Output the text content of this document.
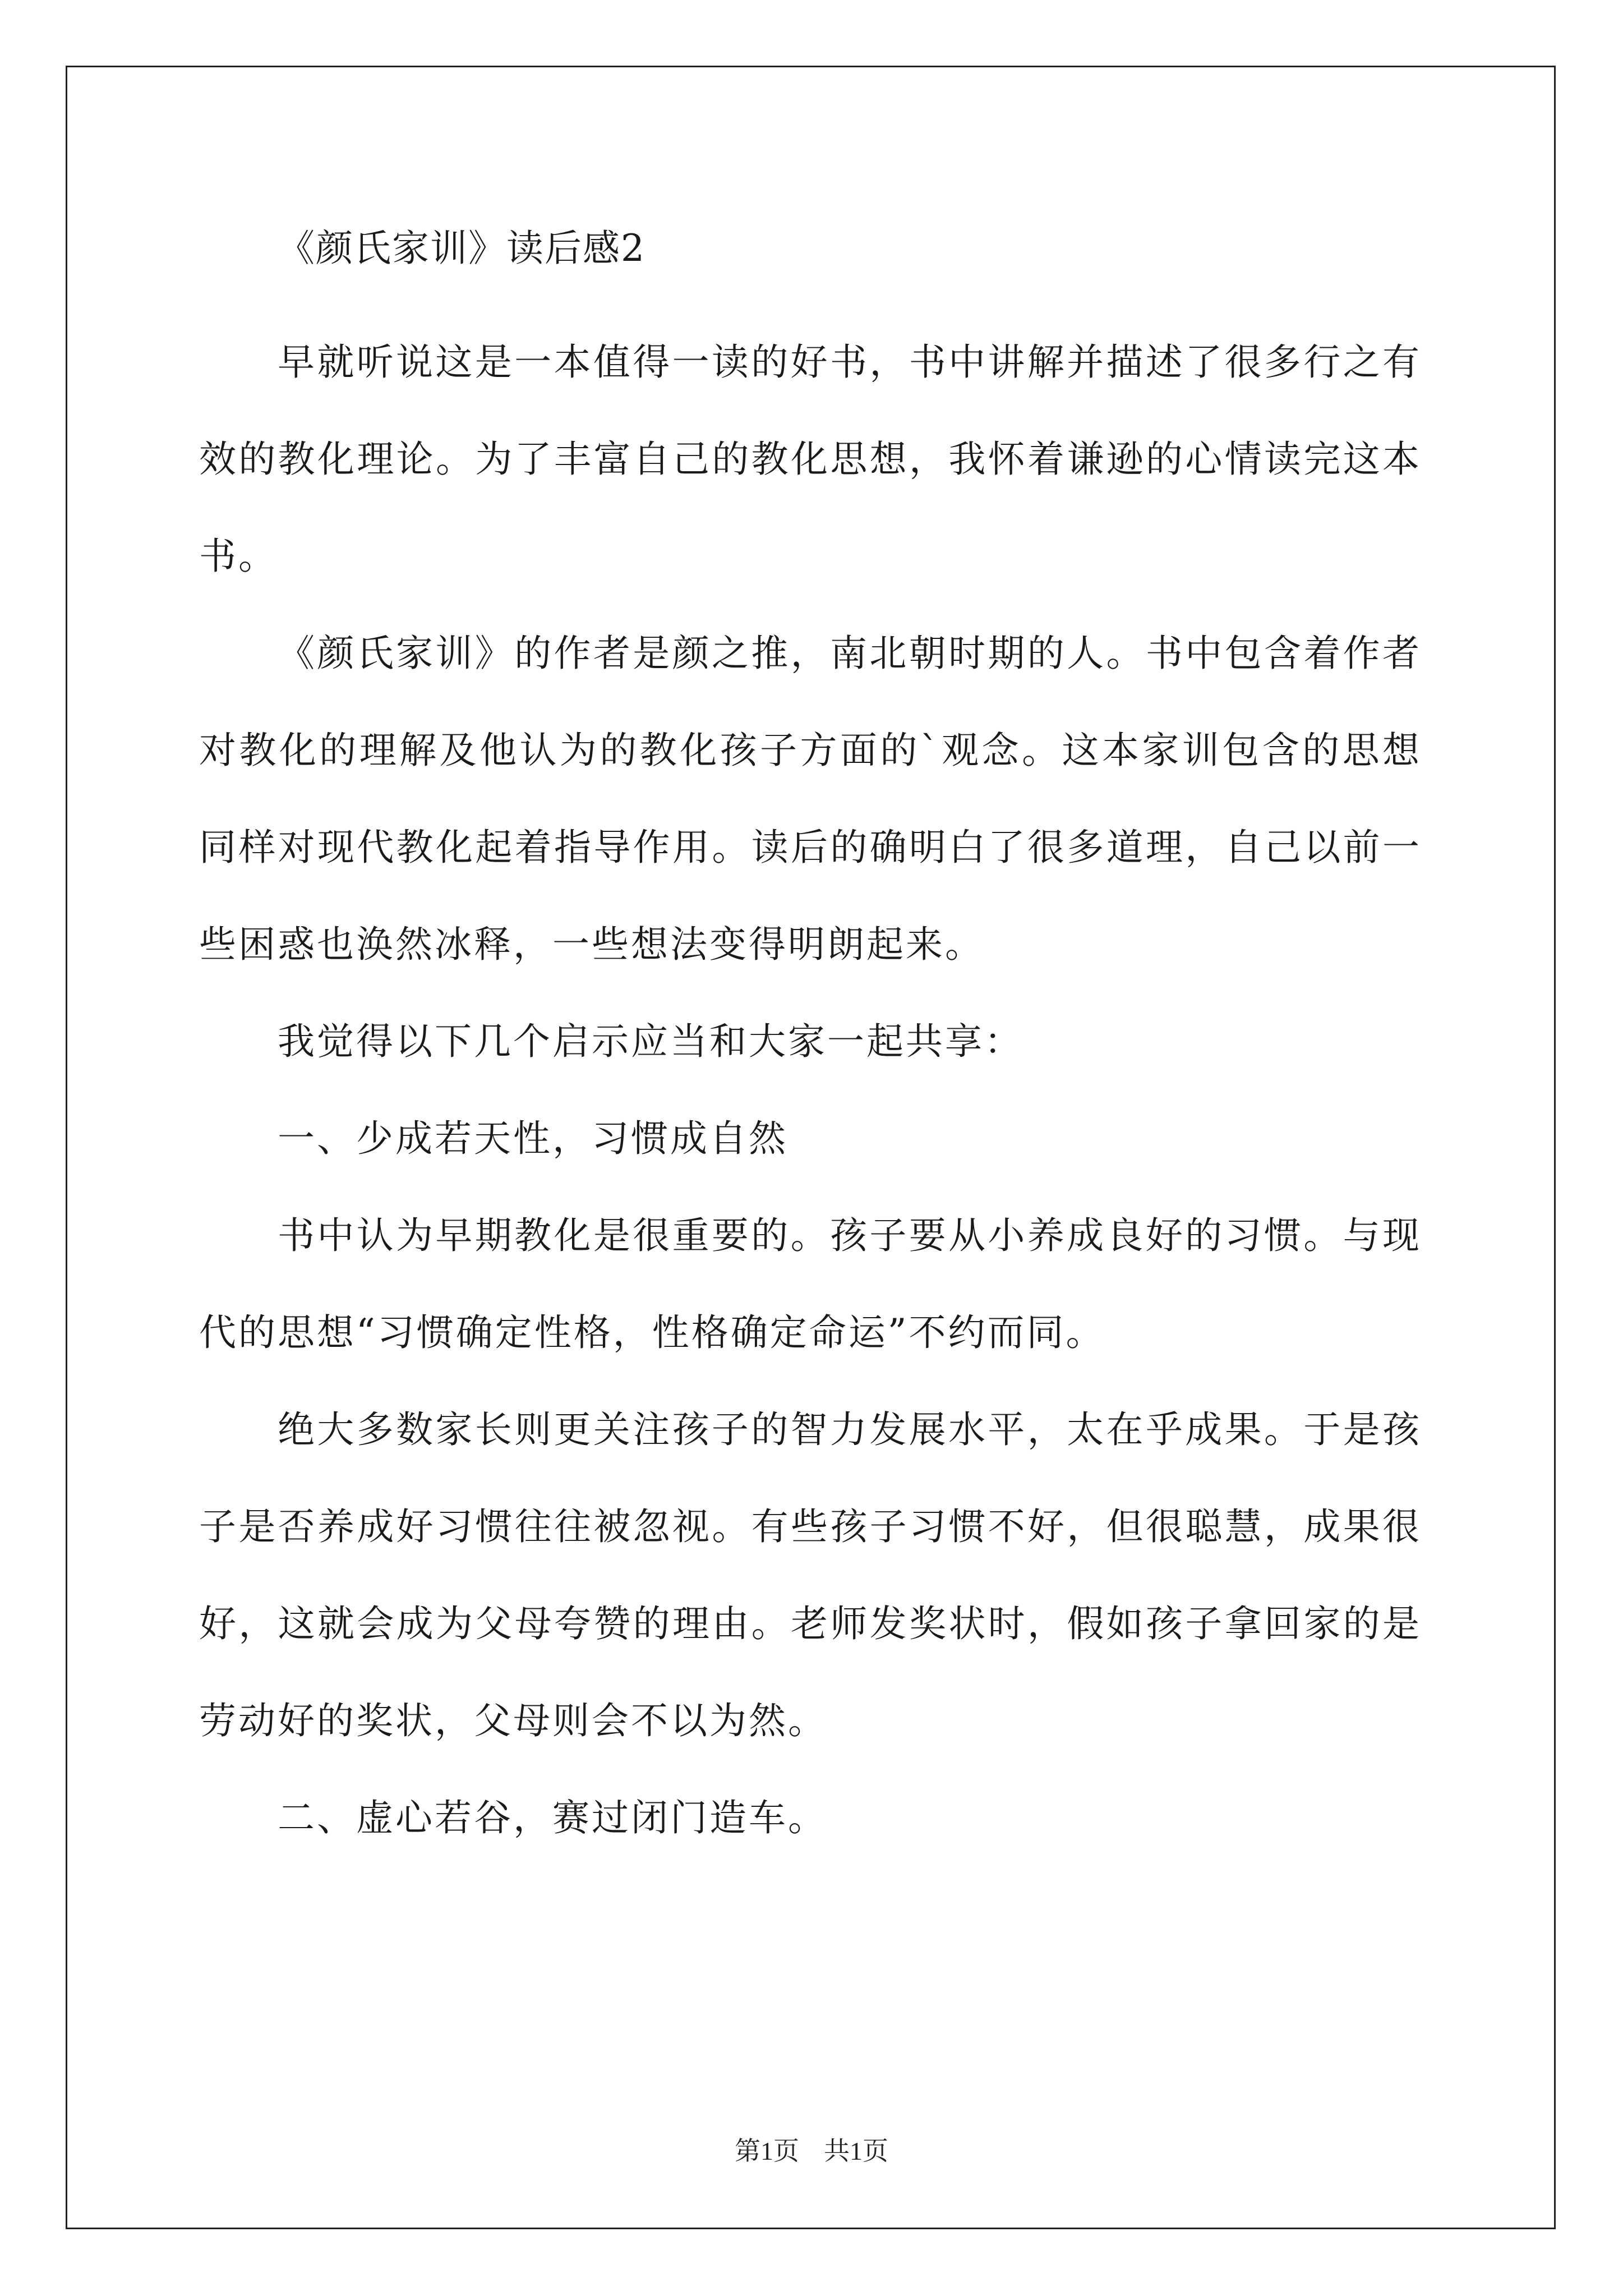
《颜氏家训》读后感2

早就听说这是一本值得一读的好书，书中讲解并描述了很多行之有效的教化理论。为了丰富自己的教化思想，我怀着谦逊的心情读完这本书。

《颜氏家训》的作者是颜之推，南北朝时期的人。书中包含着作者对教化的理解及他认为的教化孩子方面的`观念。这本家训包含的思想同样对现代教化起着指导作用。读后的确明白了很多道理，自己以前一些困惑也涣然冰释，一些想法变得明朗起来。

我觉得以下几个启示应当和大家一起共享：

一、少成若天性，习惯成自然

书中认为早期教化是很重要的。孩子要从小养成良好的习惯。与现代的思想“习惯确定性格，性格确定命运”不约而同。

绝大多数家长则更关注孩子的智力发展水平，太在乎成果。于是孩子是否养成好习惯往往被忽视。有些孩子习惯不好，但很聪慧，成果很好，这就会成为父母夸赞的理由。老师发奖状时，假如孩子拿回家的是劳动好的奖状，父母则会不以为然。

二、虚心若谷，赛过闭门造车。

第1页 共1页
